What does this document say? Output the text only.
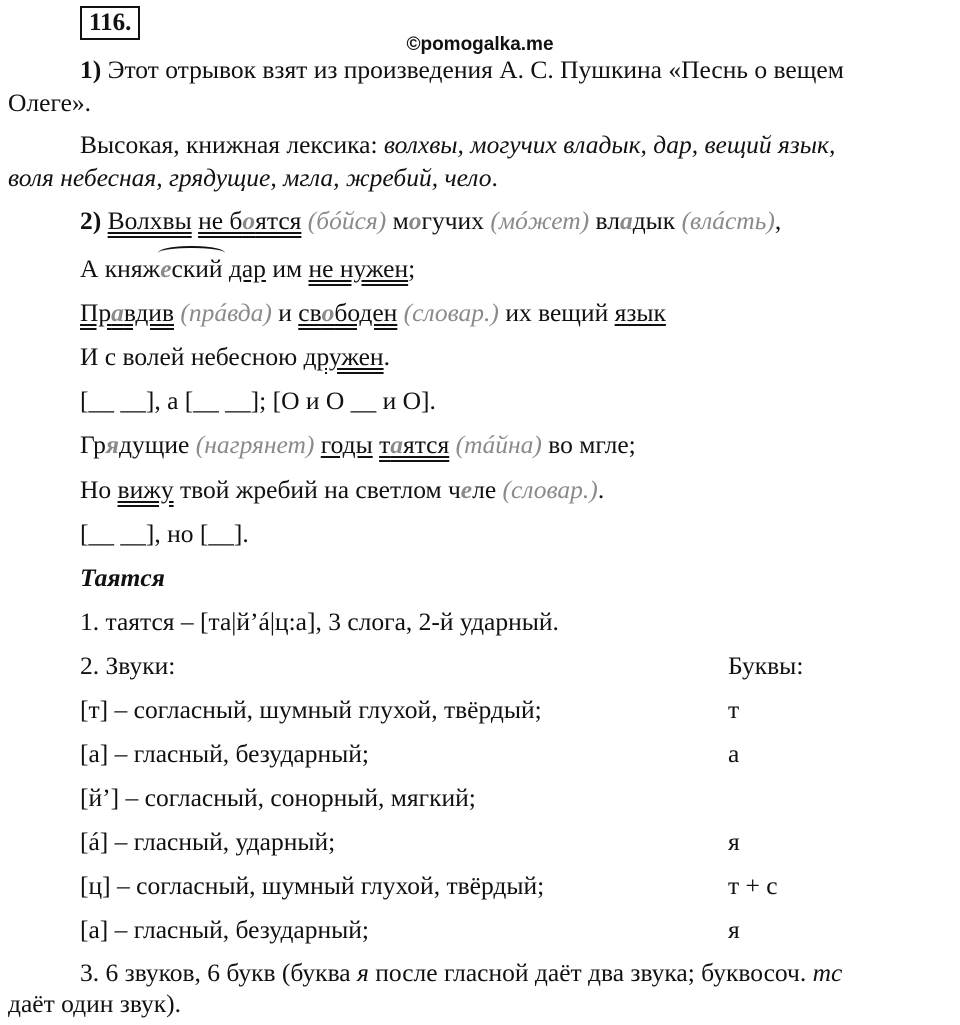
116.
©pomogalka.me
1) Этот отрывок взят из произведения А. С. Пушкина «Песнь о вещем
Олеге».
Высокая, книжная лексика: волхвы, могучих владык, дар, вещий язык,
воля небесная, грядущие, мгла, жребий, чело.
2) Волхвы не боятся (бóйся) могучих (мóжет) владык (влáсть),
А княжеский дар им не нужен;
Правдив (прáвда) и свободен (словар.) их вещий язык
И с волей небесною дружен.
[__ __], а [__ __]; [О и О __ и О].
Грядущие (нагрянет) годы таятся (тáйна) во мгле;
Но вижу твой жребий на светлом челе (словар.).
[__ __], но [__].
Таятся
1. таятся – [та|й’á|ц:а], 3 слога, 2-й ударный.
2. Звуки:	Буквы:
[т] – согласный, шумный глухой, твёрдый;	т
[а] – гласный, безударный;	а
[й’] – согласный, сонорный, мягкий;
[á] – гласный, ударный;	я
[ц] – согласный, шумный глухой, твёрдый;	т + с
[а] – гласный, безударный;	я
3. 6 звуков, 6 букв (буква я после гласной даёт два звука; буквосоч. тс
даёт один звук).
